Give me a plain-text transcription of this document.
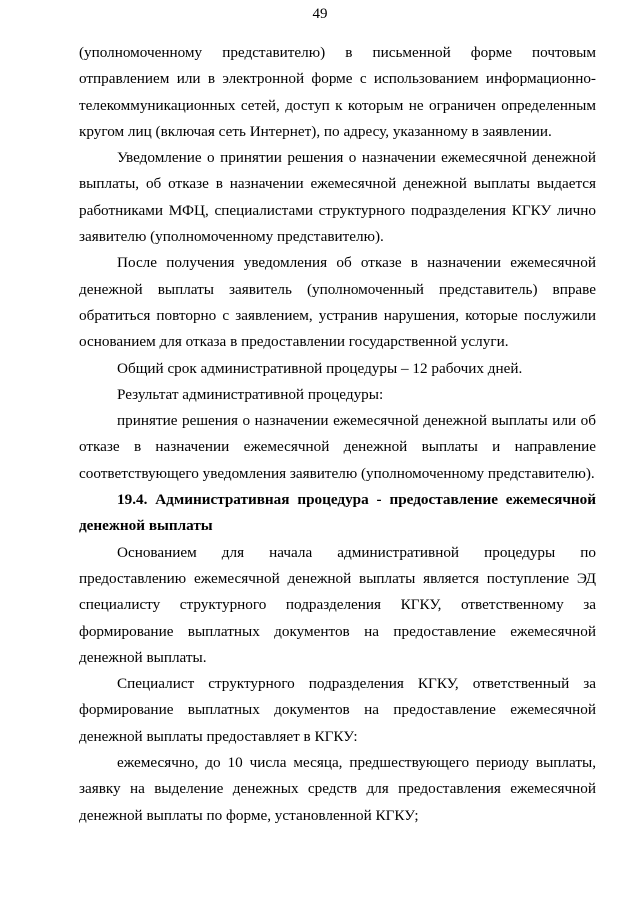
49

(уполномоченному представителю) в письменной форме почтовым отправлением или в электронной форме с использованием информационно-телекоммуникационных сетей, доступ к которым не ограничен определенным кругом лиц (включая сеть Интернет), по адресу, указанному в заявлении.

Уведомление о принятии решения о назначении ежемесячной денежной выплаты, об отказе в назначении ежемесячной денежной выплаты выдается работниками МФЦ, специалистами структурного подразделения КГКУ лично заявителю (уполномоченному представителю).

После получения уведомления об отказе в назначении ежемесячной денежной выплаты заявитель (уполномоченный представитель) вправе обратиться повторно с заявлением, устранив нарушения, которые послужили основанием для отказа в предоставлении государственной услуги.

Общий срок административной процедуры – 12 рабочих дней.

Результат административной процедуры:

принятие решения о назначении ежемесячной денежной выплаты или об отказе в назначении ежемесячной денежной выплаты и направление соответствующего уведомления заявителю (уполномоченному представителю).

19.4. Административная процедура - предоставление ежемесячной денежной выплаты

Основанием для начала административной процедуры по предоставлению ежемесячной денежной выплаты является поступление ЭД специалисту структурного подразделения КГКУ, ответственному за формирование выплатных документов на предоставление ежемесячной денежной выплаты.

Специалист структурного подразделения КГКУ, ответственный за формирование выплатных документов на предоставление ежемесячной денежной выплаты предоставляет в КГКУ:

ежемесячно, до 10 числа месяца, предшествующего периоду выплаты, заявку на выделение денежных средств для предоставления ежемесячной денежной выплаты по форме, установленной КГКУ;
